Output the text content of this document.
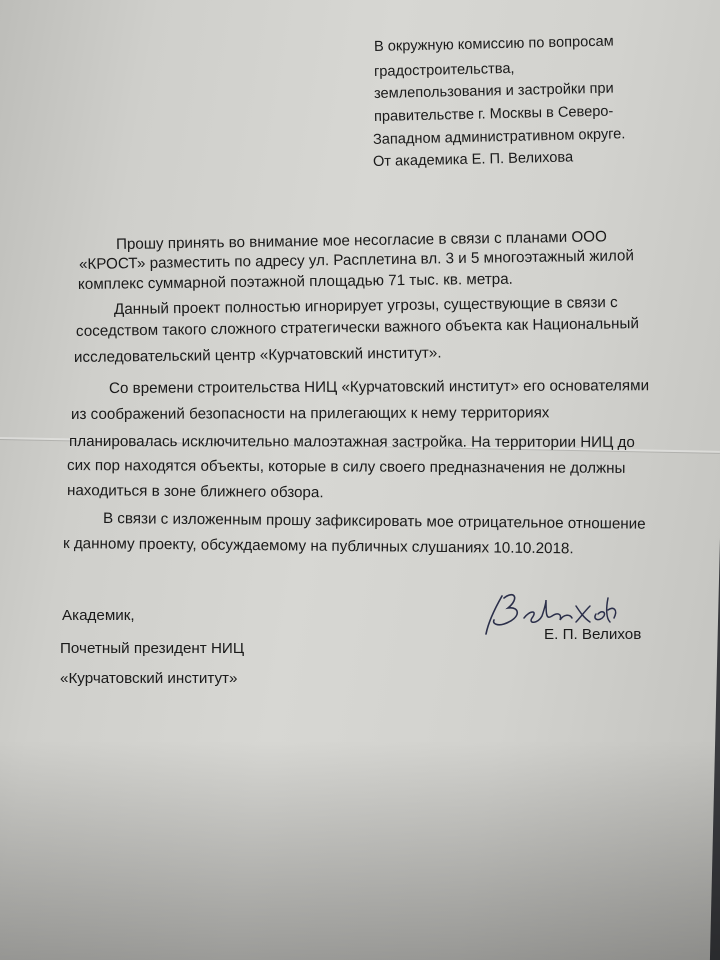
В окружную комиссию по вопросам
градостроительства,
землепользования и застройки при
правительстве г. Москвы в Северо-
Западном административном округе.
От академика Е. П. Велихова
Прошу принять во внимание мое несогласие в связи с планами ООО
«КРОСТ» разместить по адресу ул. Расплетина вл. 3 и 5 многоэтажный жилой
комплекс суммарной поэтажной площадью 71 тыс. кв. метра.
Данный проект полностью игнорирует угрозы, существующие в связи с
соседством такого сложного стратегически важного объекта как Национальный
исследовательский центр «Курчатовский институт».
Со времени строительства НИЦ «Курчатовский институт» его основателями
из соображений безопасности на прилегающих к нему территориях
планировалась исключительно малоэтажная застройка. На территории НИЦ до
сих пор находятся объекты, которые в силу своего предназначения не должны
находиться в зоне ближнего обзора.
В связи с изложенным прошу зафиксировать мое отрицательное отношение
к данному проекту, обсуждаемому на публичных слушаниях 10.10.2018.
Академик,
Почетный президент НИЦ
«Курчатовский институт»
Е. П. Велихов
